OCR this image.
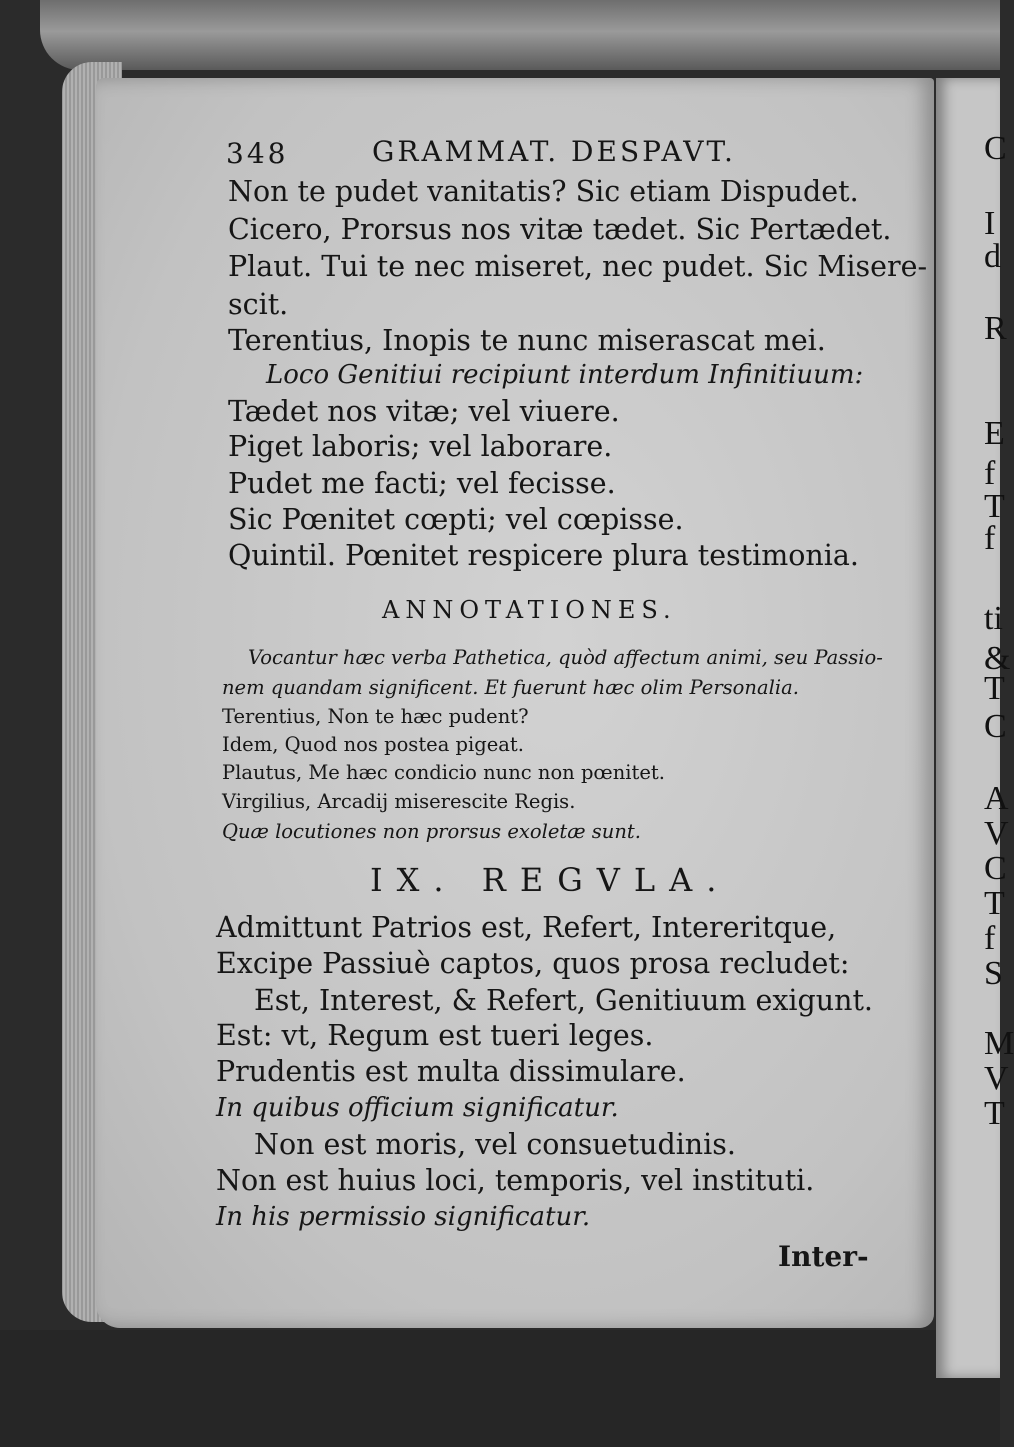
C
I
d
R
E
f
T
f
ti
&
T
C
A
V
C
T
f
S
M
V
T
348	GRAMMAT. DESPAVT.
Non te pudet vanitatis? Sic etiam Dispudet.
Cicero, Prorsus nos vitæ tædet. Sic Pertædet.
Plaut. Tui te nec miseret, nec pudet. Sic Misere-
scit.
Terentius, Inopis te nunc miserascat mei.
Loco Genitiui recipiunt interdum Infinitiuum:
Tædet nos vitæ; vel viuere.
Piget laboris; vel laborare.
Pudet me facti; vel fecisse.
Sic Pœnitet cœpti; vel cœpisse.
Quintil. Pœnitet respicere plura testimonia.
ANNOTATIONES.
Vocantur hæc verba Pathetica, quòd affectum animi, seu Passio-
nem quandam significent. Et fuerunt hæc olim Personalia.
Terentius, Non te hæc pudent?
Idem, Quod nos postea pigeat.
Plautus, Me hæc condicio nunc non pœnitet.
Virgilius, Arcadij miserescite Regis.
Quæ locutiones non prorsus exoletæ sunt.
IX. REGVLA.
Admittunt Patrios est, Refert, Intereritque,
Excipe Passiuè captos, quos prosa recludet:
Est, Interest, & Refert, Genitiuum exigunt.
Est: vt, Regum est tueri leges.
Prudentis est multa dissimulare.
In quibus officium significatur.
Non est moris, vel consuetudinis.
Non est huius loci, temporis, vel instituti.
In his permissio significatur.
Inter-
